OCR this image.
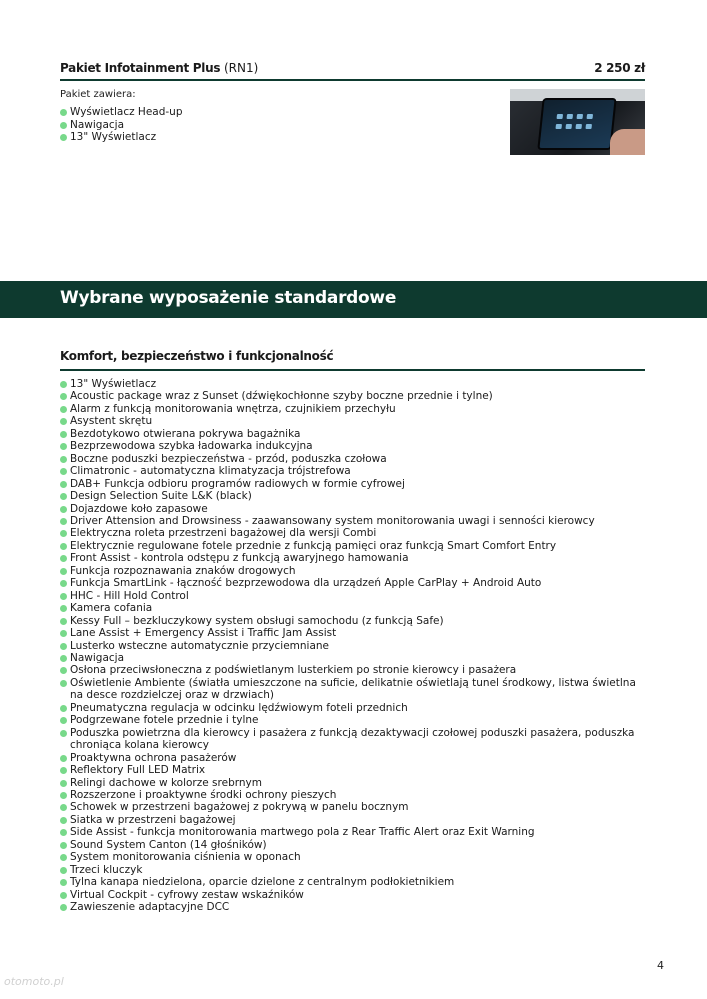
Pakiet Infotainment Plus (RN1)	2 250 zł
Pakiet zawiera:
Wyświetlacz Head-up
Nawigacja
13" Wyświetlacz
Wybrane wyposażenie standardowe
Komfort, bezpieczeństwo i funkcjonalność
13" Wyświetlacz
Acoustic package wraz z Sunset (dźwiękochłonne szyby boczne przednie i tylne)
Alarm z funkcją monitorowania wnętrza, czujnikiem przechyłu
Asystent skrętu
Bezdotykowo otwierana pokrywa bagażnika
Bezprzewodowa szybka ładowarka indukcyjna
Boczne poduszki bezpieczeństwa - przód, poduszka czołowa
Climatronic - automatyczna klimatyzacja trójstrefowa
DAB+ Funkcja odbioru programów radiowych w formie cyfrowej
Design Selection Suite L&K (black)
Dojazdowe koło zapasowe
Driver Attension and Drowsiness - zaawansowany system monitorowania uwagi i senności kierowcy
Elektryczna roleta przestrzeni bagażowej dla wersji Combi
Elektrycznie regulowane fotele przednie z funkcją pamięci oraz funkcją Smart Comfort Entry
Front Assist - kontrola odstępu z funkcją awaryjnego hamowania
Funkcja rozpoznawania znaków drogowych
Funkcja SmartLink - łączność bezprzewodowa dla urządzeń Apple CarPlay + Android Auto
HHC - Hill Hold Control
Kamera cofania
Kessy Full – bezkluczykowy system obsługi samochodu (z funkcją Safe)
Lane Assist + Emergency Assist i Traffic Jam Assist
Lusterko wsteczne automatycznie przyciemniane
Nawigacja
Osłona przeciwsłoneczna z podświetlanym lusterkiem po stronie kierowcy i pasażera
Oświetlenie Ambiente (światła umieszczone na suficie, delikatnie oświetlają tunel środkowy, listwa świetlna na desce rozdzielczej oraz w drzwiach)
Pneumatyczna regulacja w odcinku lędźwiowym foteli przednich
Podgrzewane fotele przednie i tylne
Poduszka powietrzna dla kierowcy i pasażera z funkcją dezaktywacji czołowej poduszki pasażera, poduszka chroniąca kolana kierowcy
Proaktywna ochrona pasażerów
Reflektory Full LED Matrix
Relingi dachowe w kolorze srebrnym
Rozszerzone i proaktywne środki ochrony pieszych
Schowek w przestrzeni bagażowej z pokrywą w panelu bocznym
Siatka w przestrzeni bagażowej
Side Assist - funkcja monitorowania martwego pola z Rear Traffic Alert oraz Exit Warning
Sound System Canton (14 głośników)
System monitorowania ciśnienia w oponach
Trzeci kluczyk
Tylna kanapa niedzielona, oparcie dzielone z centralnym podłokietnikiem
Virtual Cockpit - cyfrowy zestaw wskaźników
Zawieszenie adaptacyjne DCC
4
otomoto.pl
